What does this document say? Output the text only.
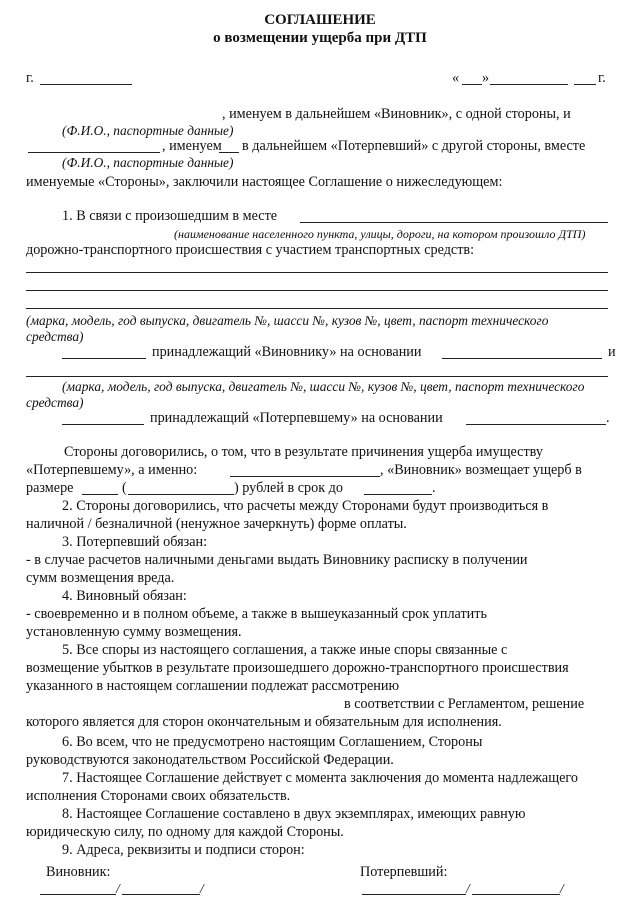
СОГЛАШЕНИЕ
о возмещении ущерба при ДТП
г.	« »	г.
, именуем в дальнейшем «Виновник», с одной стороны, и
(Ф.И.О., паспортные данные)
, именуем в дальнейшем «Потерпевший» с другой стороны, вместе
(Ф.И.О., паспортные данные)
именуемые «Стороны», заключили настоящее Соглашение о нижеследующем:
1. В связи с произошедшим в месте
(наименование населенного пункта, улицы, дороги, на котором произошло ДТП)
дорожно-транспортного происшествия с участием транспортных средств:
(марка, модель, год выпуска, двигатель №, шасси №, кузов №, цвет, паспорт технического
средства)
принадлежащий «Виновнику» на основании	и
(марка, модель, год выпуска, двигатель №, шасси №, кузов №, цвет, паспорт технического
средства)
принадлежащий «Потерпевшему» на основании	.
Стороны договорились, о том, что в результате причинения ущерба имуществу
«Потерпевшему», а именно:	, «Виновник» возмещает ущерб в
размере	(	) рублей в срок до	.
2. Стороны договорились, что расчеты между Сторонами будут производиться в
наличной / безналичной (ненужное зачеркнуть) форме оплаты.
3. Потерпевший обязан:
- в случае расчетов наличными деньгами выдать Виновнику расписку в получении
сумм возмещения вреда.
4. Виновный обязан:
- своевременно и в полном объеме, а также в вышеуказанный срок уплатить
установленную сумму возмещения.
5. Все споры из настоящего соглашения, а также иные споры связанные с
возмещение убытков в результате произошедшего дорожно-транспортного происшествия
указанного в настоящем соглашении подлежат рассмотрению
в соответствии с Регламентом, решение
которого является для сторон окончательным и обязательным для исполнения.
6. Во всем, что не предусмотрено настоящим Соглашением, Стороны
руководствуются законодательством Российской Федерации.
7. Настоящее Соглашение действует с момента заключения до момента надлежащего
исполнения Сторонами своих обязательств.
8. Настоящее Соглашение составлено в двух экземплярах, имеющих равную
юридическую силу, по одному для каждой Стороны.
9. Адреса, реквизиты и подписи сторон:
Виновник:	Потерпевший:
/	/	/	/
